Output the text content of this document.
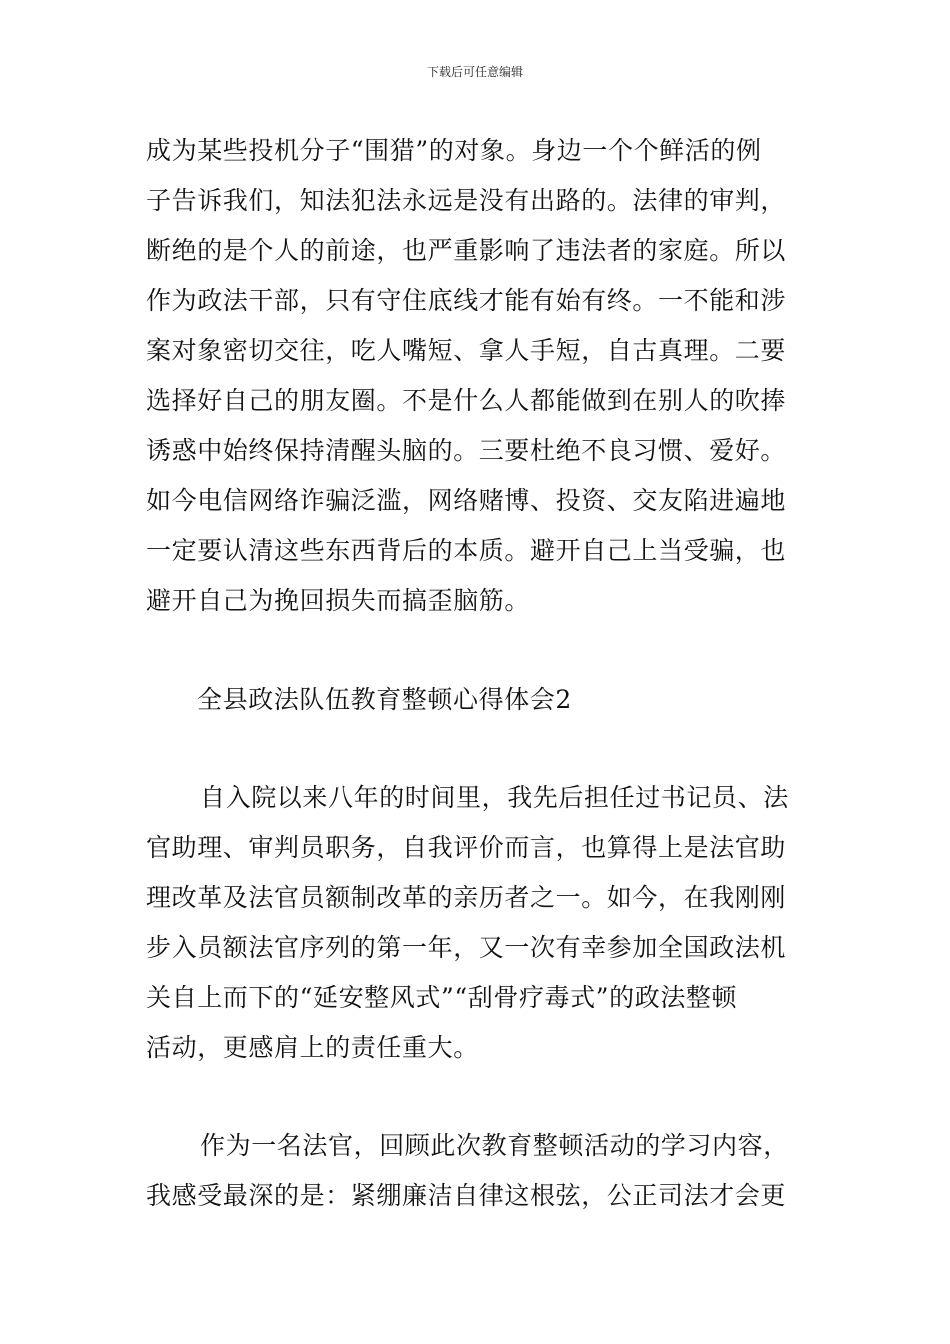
下载后可任意编辑

成为某些投机分子“围猎”的对象。身边一个个鲜活的例
子告诉我们，知法犯法永远是没有出路的。法律的审判，
断绝的是个人的前途，也严重影响了违法者的家庭。所以
作为政法干部，只有守住底线才能有始有终。一不能和涉
案对象密切交往，吃人嘴短、拿人手短，自古真理。二要
选择好自己的朋友圈。不是什么人都能做到在别人的吹捧
诱惑中始终保持清醒头脑的。三要杜绝不良习惯、爱好。
如今电信网络诈骗泛滥，网络赌博、投资、交友陷进遍地
一定要认清这些东西背后的本质。避开自己上当受骗，也
避开自己为挽回损失而搞歪脑筋。

全县政法队伍教育整顿心得体会2

自入院以来八年的时间里，我先后担任过书记员、法
官助理、审判员职务，自我评价而言，也算得上是法官助
理改革及法官员额制改革的亲历者之一。如今，在我刚刚
步入员额法官序列的第一年，又一次有幸参加全国政法机
关自上而下的“延安整风式”“刮骨疗毒式”的政法整顿
活动，更感肩上的责任重大。

作为一名法官，回顾此次教育整顿活动的学习内容，
我感受最深的是：紧绷廉洁自律这根弦，公正司法才会更
